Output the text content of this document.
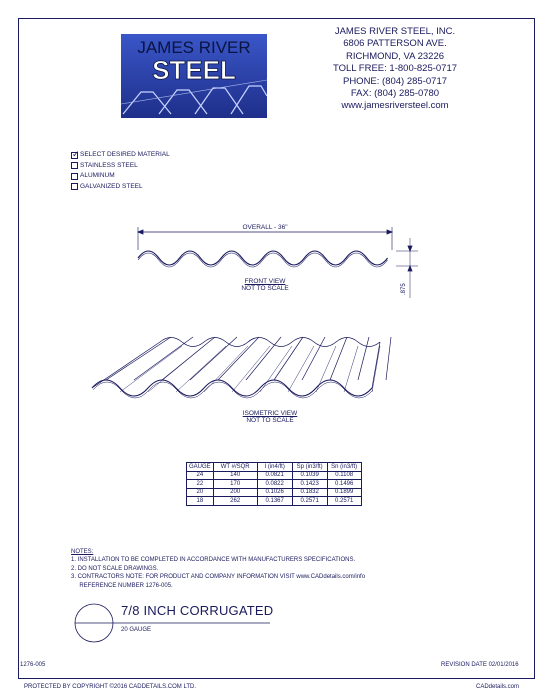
JAMES RIVER
STEEL
JAMES RIVER STEEL, INC.
6806 PATTERSON AVE.
RICHMOND, VA 23226
TOLL FREE: 1-800-825-0717
PHONE: (804) 285-0717
FAX: (804) 285-0780
www.jamesriversteel.com
✓
SELECT DESIRED MATERIAL
STAINLESS STEEL
ALUMINUM
GALVANIZED STEEL
OVERALL - 36"
.875
FRONT VIEW
NOT TO SCALE
ISOMETRIC VIEW
NOT TO SCALE
GAUGE	WT #/SQR	I (in4/ft)	Sp (in3/ft)	Sn (in3/ft)
24	140	0.0821	0.1039	0.1108
22	170	0.0822	0.1423	0.1496
20	200	0.1026	0.1832	0.1899
18	262	0.1367	0.2571	0.2571
NOTES:
1. INSTALLATION TO BE COMPLETED IN ACCORDANCE WITH MANUFACTURERS SPECIFICATIONS.
2. DO NOT SCALE DRAWINGS.
3. CONTRACTORS NOTE: FOR PRODUCT AND COMPANY INFORMATION VISIT www.CADdetails.com/info
REFERENCE NUMBER 1276-005.
7/8 INCH CORRUGATED
20 GAUGE
1276-005	REVISION DATE 02/01/2016
PROTECTED BY COPYRIGHT ©2016 CADDETAILS.COM LTD.	CADdetails.com
